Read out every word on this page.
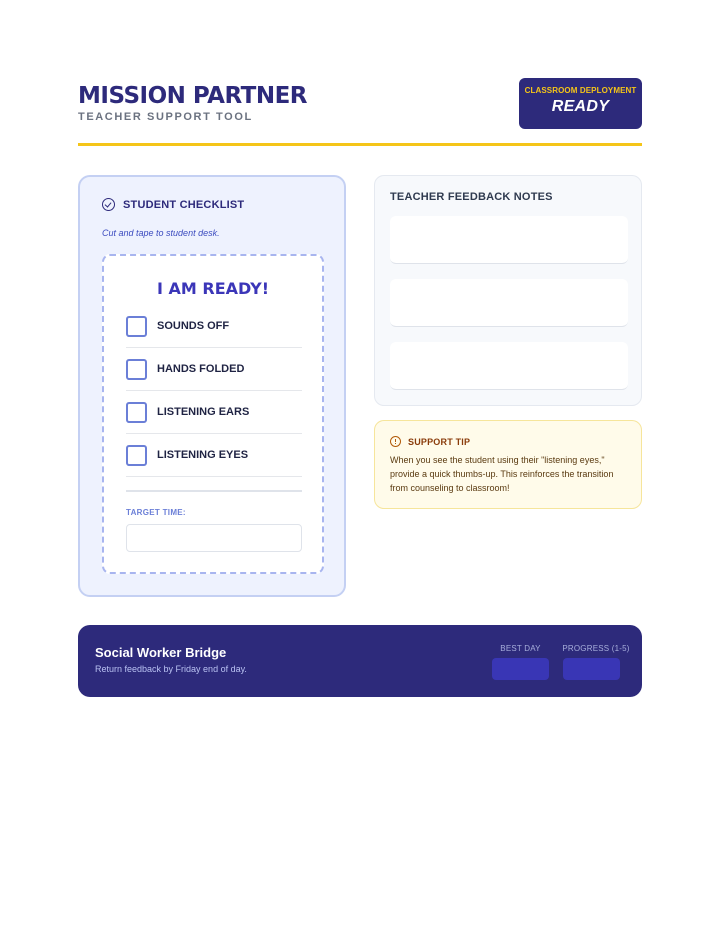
MISSION PARTNER
TEACHER SUPPORT TOOL
CLASSROOM DEPLOYMENT
READY
STUDENT CHECKLIST
Cut and tape to student desk.
I AM READY!
SOUNDS OFF
HANDS FOLDED
LISTENING EARS
LISTENING EYES
TARGET TIME:
TEACHER FEEDBACK NOTES
SUPPORT TIP
When you see the student using their "listening eyes," provide a quick thumbs-up. This reinforces the transition from counseling to classroom!
Social Worker Bridge
Return feedback by Friday end of day.
BEST DAY	PROGRESS (1-5)
